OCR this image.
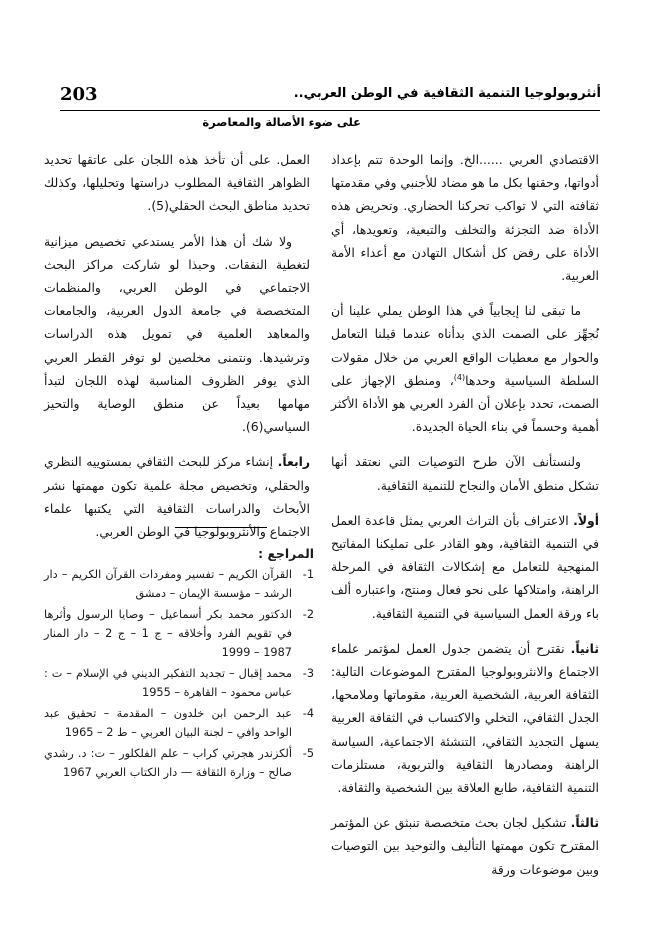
203	أنثروبولوجيا التنمية الثقافية في الوطن العربي..
على ضوء الأصالة والمعاصرة

الاقتصادي العربي ......الخ. وإنما الوحدة تتم بإعداد أدواتها، وحقنها بكل ما هو مضاد للأجنبي وفي مقدمتها ثقافته التي لا تواكب تحركنا الحضاري. وتحريض هذه الأداة ضد التجزئة والتخلف والتبعية، وتعويدها، أي الأداة على رفض كل أشكال التهادن مع أعداء الأمة العربية.

ما تبقى لنا إيجابياً في هذا الوطن يملي علينا أن نُجهِّز على الصمت الذي بدأناه عندما قبلنا التعامل والحوار مع معطيات الواقع العربي من خلال مقولات السلطة السياسية وحدها$^{(4)}$، ومنطق الإجهاز على الصمت، تحدد بإعلان أن الفرد العربي هو الأداة الأكثر أهمية وحسماً في بناء الحياة الجديدة.

ولنستأنف الآن طرح التوصيات التي نعتقد أنها تشكل منطق الأمان والنجاح للتنمية الثقافية.

أولاً. الاعتراف بأن التراث العربي يمثل قاعدة العمل في التنمية الثقافية، وهو القادر على تمليكنا المفاتيح المنهجية للتعامل مع إشكالات الثقافة في المرحلة الراهنة، وامتلاكها على نحو فعال ومنتج، واعتباره ألف باء ورقة العمل السياسية في التنمية الثقافية.

ثانياً. نقترح أن يتضمن جدول العمل لمؤتمر علماء الاجتماع والانثروبولوجيا المقترح الموضوعات التالية: الثقافة العربية، الشخصية العربية، مقوماتها وملامحها، الجدل الثقافي، التخلي والاكتساب في الثقافة العربية يسهل التجديد الثقافي، التنشئة الاجتماعية، السياسة الراهنة ومصادرها الثقافية والتربوية، مستلزمات التنمية الثقافية، طابع العلاقة بين الشخصية والثقافة.

ثالثاً. تشكيل لجان بحث متخصصة تنبثق عن المؤتمر المقترح تكون مهمتها التأليف والتوحيد بين التوصيات وبين موضوعات ورقة

العمل. على أن تأخذ هذه اللجان على عاتقها تحديد الظواهر الثقافية المطلوب دراستها وتحليلها، وكذلك تحديد مناطق البحث الحقلي(5).

ولا شك أن هذا الأمر يستدعي تخصيص ميزانية لتغطية النفقات. وحبذا لو شاركت مراكز البحث الاجتماعي في الوطن العربي، والمنظمات المتخصصة في جامعة الدول العربية، والجامعات والمعاهد العلمية في تمويل هذه الدراسات وترشيدها. ونتمنى مخلصين لو توفر القطر العربي الذي يوفر الظروف المناسبة لهذه اللجان لتبدأ مهامها بعيداً عن منطق الوصاية والتحيز السياسي(6).

رابعاً. إنشاء مركز للبحث الثقافي بمستوييه النظري والحقلي، وتخصيص مجلة علمية تكون مهمتها نشر الأبحاث والدراسات الثقافية التي يكتبها علماء الاجتماع والأنثروبولوجيا في الوطن العربي.

المراجع :
1-
القرآن الكريم – تفسير ومفردات القرآن الكريم – دار الرشد – مؤسسة الإيمان – دمشق
2-
الدكتور محمد بكر أسماعيل – وصايا الرسول وأثرها في تقويم الفرد وأخلاقه – ج 1 – ج 2 – دار المنار 1987 – 1999
3-
محمد إقبال – تجديد التفكير الديني في الإسلام – ت : عباس محمود – القاهرة – 1955
4-
عبد الرحمن ابن خلدون – المقدمة – تحقيق عبد الواحد وافي – لجنة البيان العربي – ط 2 – 1965
5-
ألكزندر هجرتي كراب – علم الفلكلور – ت: د. رشدي صالح – وزارة الثقافة — دار الكتاب العربي 1967
